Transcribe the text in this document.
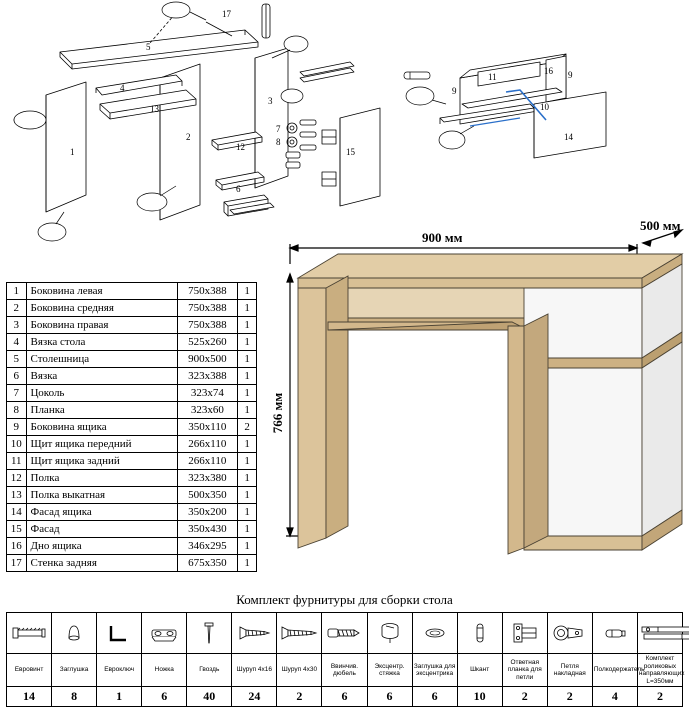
17
5
1
2
3
4
13
6
12
7
8
15
11	9
9
10
14
16
1	Боковина левая	750x388	1
2	Боковина средняя	750x388	1
3	Боковина правая	750x388	1
4	Вязка стола	525x260	1
5	Столешница	900x500	1
6	Вязка	323x388	1
7	Цоколь	323x74	1
8	Планка	323x60	1
9	Боковина ящика	350x110	2
10	Щит ящика передний	266x110	1
11	Щит ящика задний	266x110	1
12	Полка	323x380	1
13	Полка выкатная	500x350	1
14	Фасад ящика	350x200	1
15	Фасад	350x430	1
16	Дно ящика	346x295	1
17	Стенка задняя	675x350	1
900 мм
500 мм
766 мм
Комплект фурнитуры для сборки стола

Евровинт	Заглушка	Евроключ	Ножка	Гвоздь	Шуруп 4х16	Шуруп 4х30	Ввинчив. дюбель	Эксцентр. стяжка	Заглушка для эксцентрика	Шкант	Ответная планка для петли	Петля накладная	Полкодержатель	Комплект роликовых направляющих L=350мм
14	8	1	6	40	24	2	6	6	6	10	2	2	4	2
